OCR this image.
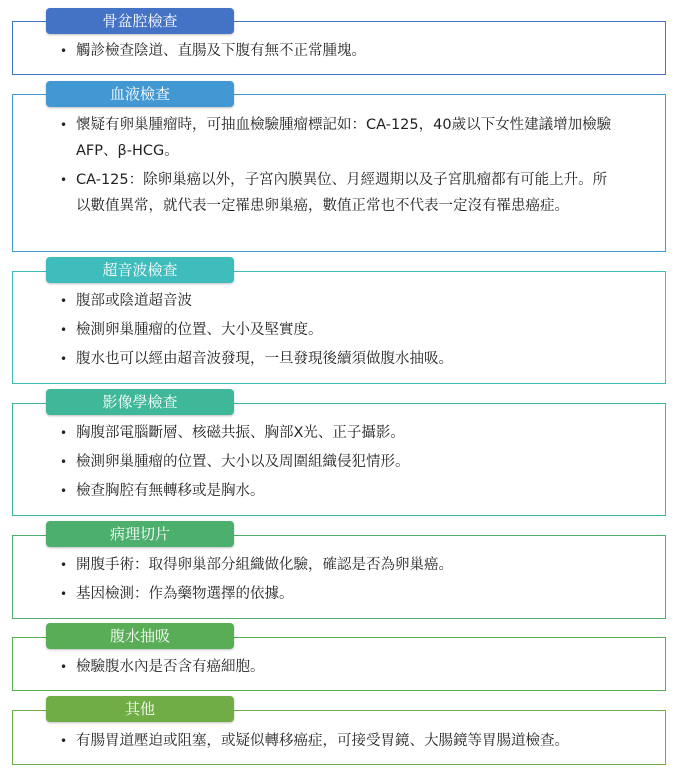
骨盆腔檢查
• 觸診檢查陰道、直腸及下腹有無不正常腫塊。
血液檢查
• 懷疑有卵巢腫瘤時，可抽血檢驗腫瘤標記如：CA-125，40歲以下女性建議增加檢驗AFP、β-HCG。
• CA-125：除卵巢癌以外，子宮內膜異位、月經週期以及子宮肌瘤都有可能上升。所以數值異常，就代表一定罹患卵巢癌，數值正常也不代表一定沒有罹患癌症。
超音波檢查
• 腹部或陰道超音波
• 檢測卵巢腫瘤的位置、大小及堅實度。
• 腹水也可以經由超音波發現，一旦發現後續須做腹水抽吸。
影像學檢查
• 胸腹部電腦斷層、核磁共振、胸部X光、正子攝影。
• 檢測卵巢腫瘤的位置、大小以及周圍組織侵犯情形。
• 檢查胸腔有無轉移或是胸水。
病理切片
• 開腹手術：取得卵巢部分組織做化驗，確認是否為卵巢癌。
• 基因檢測：作為藥物選擇的依據。
腹水抽吸
• 檢驗腹水內是否含有癌細胞。
其他
• 有腸胃道壓迫或阻塞，或疑似轉移癌症，可接受胃鏡、大腸鏡等胃腸道檢查。
